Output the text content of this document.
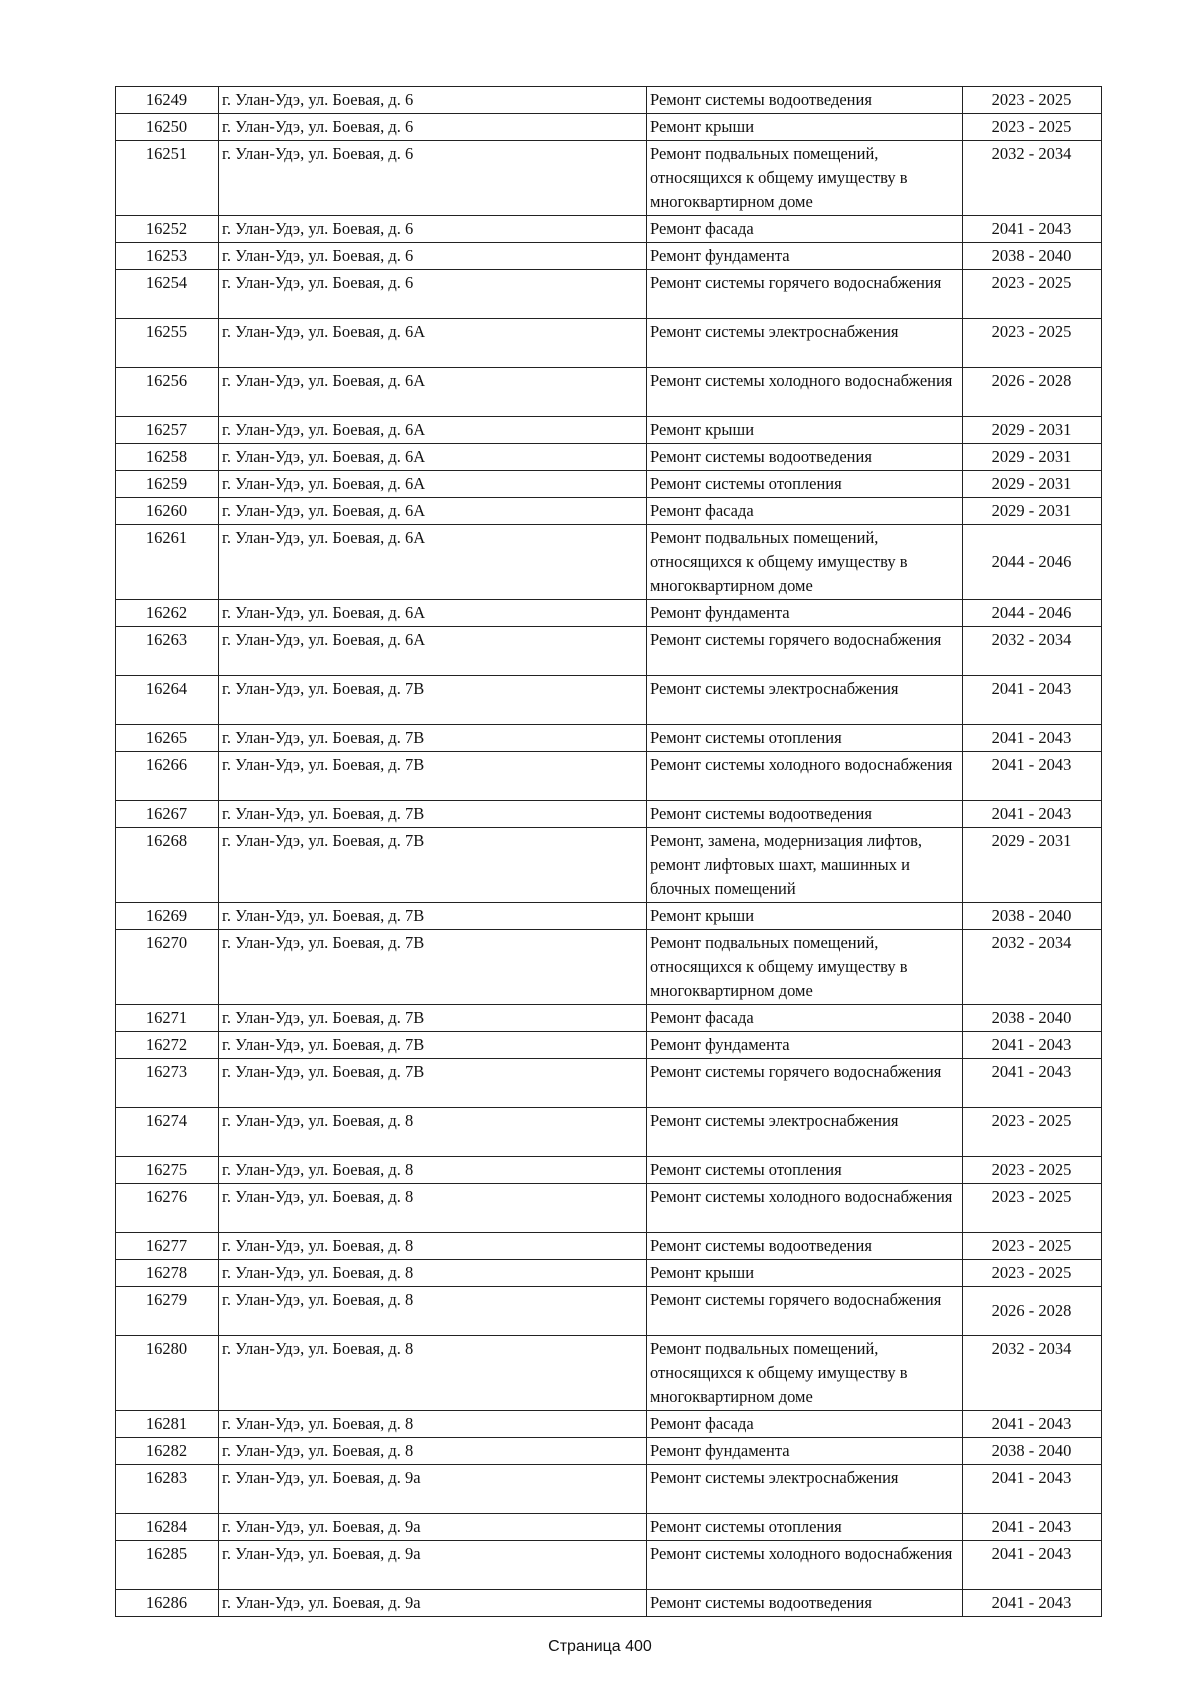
16249	г. Улан-Удэ, ул. Боевая, д. 6	Ремонт системы водоотведения	2023 - 2025
16250	г. Улан-Удэ, ул. Боевая, д. 6	Ремонт крыши	2023 - 2025
16251	г. Улан-Удэ, ул. Боевая, д. 6	Ремонт подвальных помещений, относящихся к общему имуществу в многоквартирном доме	2032 - 2034
16252	г. Улан-Удэ, ул. Боевая, д. 6	Ремонт фасада	2041 - 2043
16253	г. Улан-Удэ, ул. Боевая, д. 6	Ремонт фундамента	2038 - 2040
16254	г. Улан-Удэ, ул. Боевая, д. 6	Ремонт системы горячего водоснабжения	2023 - 2025
16255	г. Улан-Удэ, ул. Боевая, д. 6А	Ремонт системы электроснабжения	2023 - 2025
16256	г. Улан-Удэ, ул. Боевая, д. 6А	Ремонт системы холодного водоснабжения	2026 - 2028
16257	г. Улан-Удэ, ул. Боевая, д. 6А	Ремонт крыши	2029 - 2031
16258	г. Улан-Удэ, ул. Боевая, д. 6А	Ремонт системы водоотведения	2029 - 2031
16259	г. Улан-Удэ, ул. Боевая, д. 6А	Ремонт системы отопления	2029 - 2031
16260	г. Улан-Удэ, ул. Боевая, д. 6А	Ремонт фасада	2029 - 2031
16261	г. Улан-Удэ, ул. Боевая, д. 6А	Ремонт подвальных помещений, относящихся к общему имуществу в многоквартирном доме	2044 - 2046
16262	г. Улан-Удэ, ул. Боевая, д. 6А	Ремонт фундамента	2044 - 2046
16263	г. Улан-Удэ, ул. Боевая, д. 6А	Ремонт системы горячего водоснабжения	2032 - 2034
16264	г. Улан-Удэ, ул. Боевая, д. 7В	Ремонт системы электроснабжения	2041 - 2043
16265	г. Улан-Удэ, ул. Боевая, д. 7В	Ремонт системы отопления	2041 - 2043
16266	г. Улан-Удэ, ул. Боевая, д. 7В	Ремонт системы холодного водоснабжения	2041 - 2043
16267	г. Улан-Удэ, ул. Боевая, д. 7В	Ремонт системы водоотведения	2041 - 2043
16268	г. Улан-Удэ, ул. Боевая, д. 7В	Ремонт, замена, модернизация лифтов, ремонт лифтовых шахт, машинных и блочных помещений	2029 - 2031
16269	г. Улан-Удэ, ул. Боевая, д. 7В	Ремонт крыши	2038 - 2040
16270	г. Улан-Удэ, ул. Боевая, д. 7В	Ремонт подвальных помещений, относящихся к общему имуществу в многоквартирном доме	2032 - 2034
16271	г. Улан-Удэ, ул. Боевая, д. 7В	Ремонт фасада	2038 - 2040
16272	г. Улан-Удэ, ул. Боевая, д. 7В	Ремонт фундамента	2041 - 2043
16273	г. Улан-Удэ, ул. Боевая, д. 7В	Ремонт системы горячего водоснабжения	2041 - 2043
16274	г. Улан-Удэ, ул. Боевая, д. 8	Ремонт системы электроснабжения	2023 - 2025
16275	г. Улан-Удэ, ул. Боевая, д. 8	Ремонт системы отопления	2023 - 2025
16276	г. Улан-Удэ, ул. Боевая, д. 8	Ремонт системы холодного водоснабжения	2023 - 2025
16277	г. Улан-Удэ, ул. Боевая, д. 8	Ремонт системы водоотведения	2023 - 2025
16278	г. Улан-Удэ, ул. Боевая, д. 8	Ремонт крыши	2023 - 2025
16279	г. Улан-Удэ, ул. Боевая, д. 8	Ремонт системы горячего водоснабжения	2026 - 2028
16280	г. Улан-Удэ, ул. Боевая, д. 8	Ремонт подвальных помещений, относящихся к общему имуществу в многоквартирном доме	2032 - 2034
16281	г. Улан-Удэ, ул. Боевая, д. 8	Ремонт фасада	2041 - 2043
16282	г. Улан-Удэ, ул. Боевая, д. 8	Ремонт фундамента	2038 - 2040
16283	г. Улан-Удэ, ул. Боевая, д. 9а	Ремонт системы электроснабжения	2041 - 2043
16284	г. Улан-Удэ, ул. Боевая, д. 9а	Ремонт системы отопления	2041 - 2043
16285	г. Улан-Удэ, ул. Боевая, д. 9а	Ремонт системы холодного водоснабжения	2041 - 2043
16286	г. Улан-Удэ, ул. Боевая, д. 9а	Ремонт системы водоотведения	2041 - 2043
Страница 400
